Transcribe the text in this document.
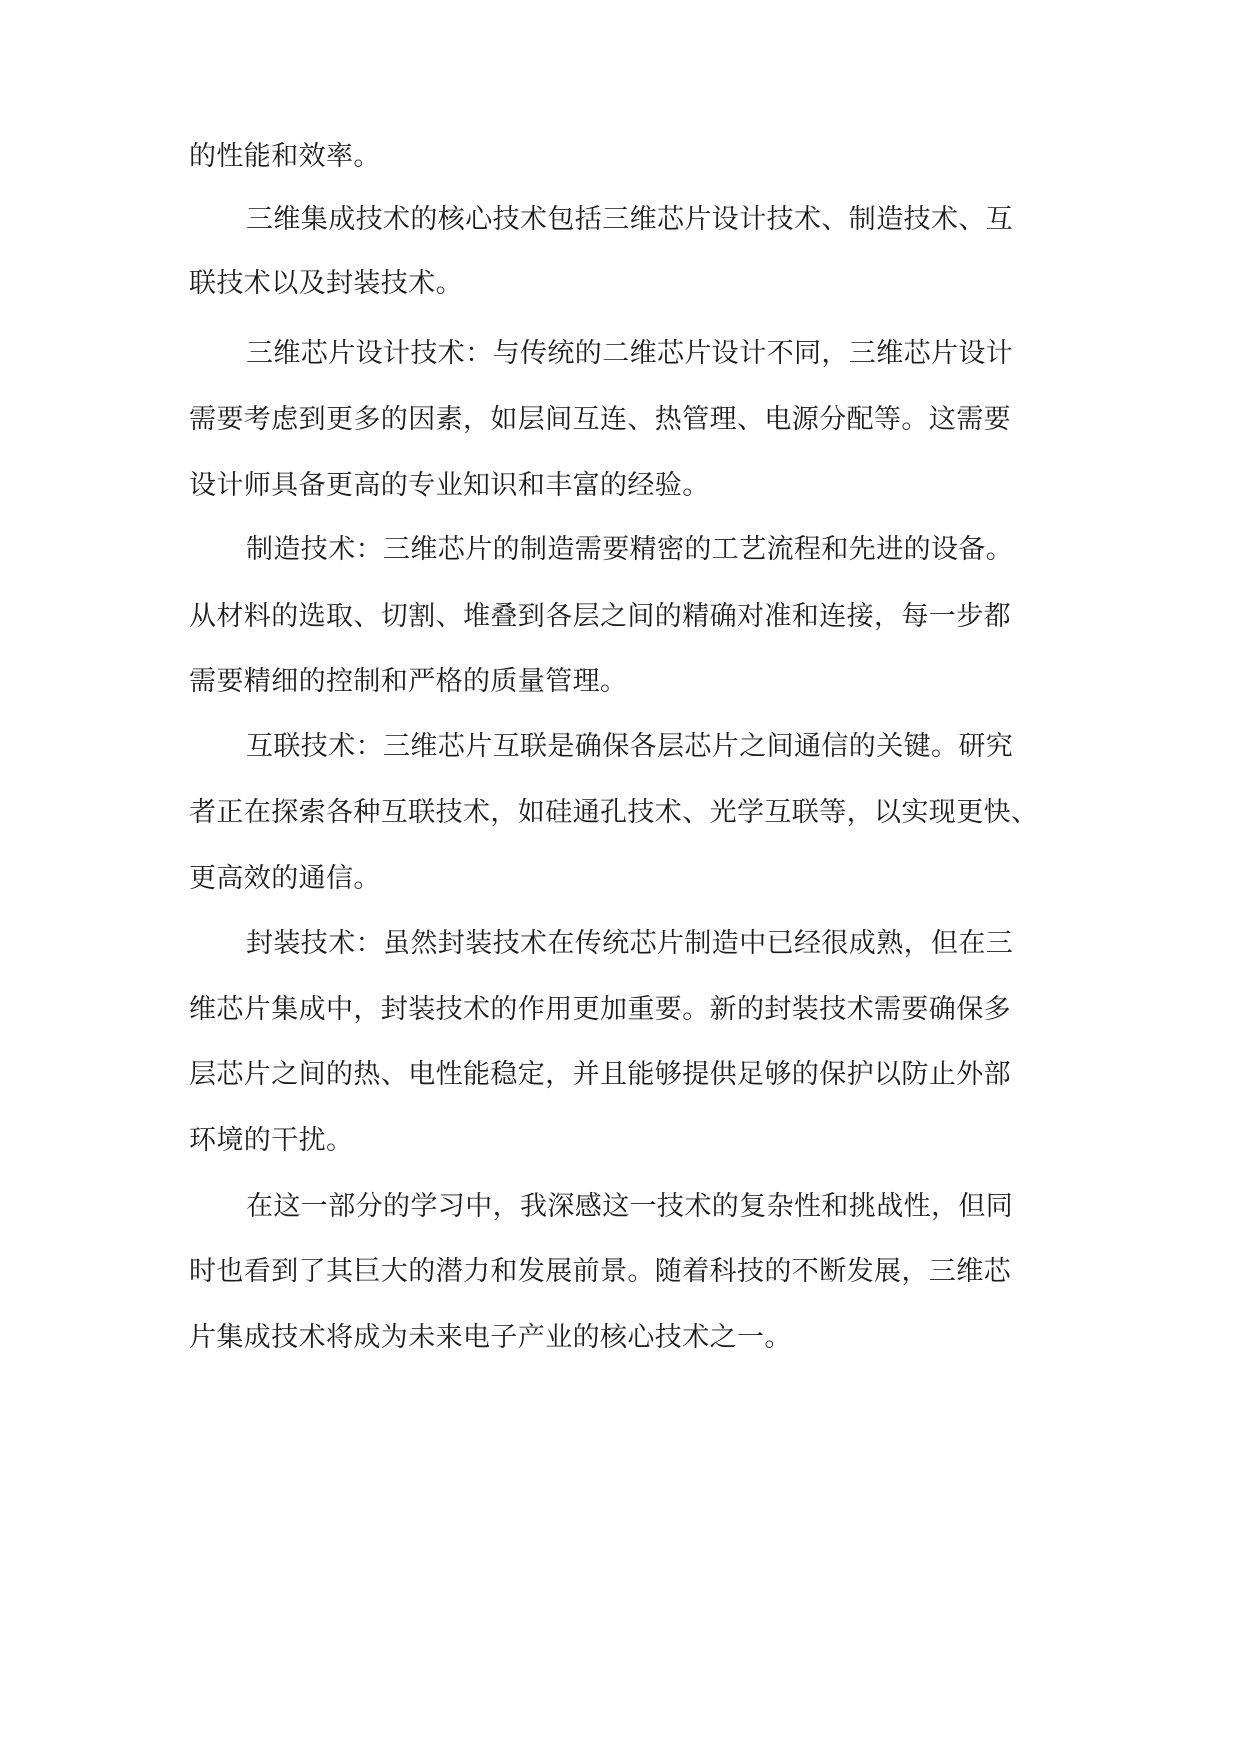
的性能和效率。
三维集成技术的核心技术包括三维芯片设计技术、制造技术、互
联技术以及封装技术。
三维芯片设计技术：与传统的二维芯片设计不同，三维芯片设计
需要考虑到更多的因素，如层间互连、热管理、电源分配等。这需要
设计师具备更高的专业知识和丰富的经验。
制造技术：三维芯片的制造需要精密的工艺流程和先进的设备。
从材料的选取、切割、堆叠到各层之间的精确对准和连接，每一步都
需要精细的控制和严格的质量管理。
互联技术：三维芯片互联是确保各层芯片之间通信的关键。研究
者正在探索各种互联技术，如硅通孔技术、光学互联等，以实现更快、
更高效的通信。
封装技术：虽然封装技术在传统芯片制造中已经很成熟，但在三
维芯片集成中，封装技术的作用更加重要。新的封装技术需要确保多
层芯片之间的热、电性能稳定，并且能够提供足够的保护以防止外部
环境的干扰。
在这一部分的学习中，我深感这一技术的复杂性和挑战性，但同
时也看到了其巨大的潜力和发展前景。随着科技的不断发展，三维芯
片集成技术将成为未来电子产业的核心技术之一。
